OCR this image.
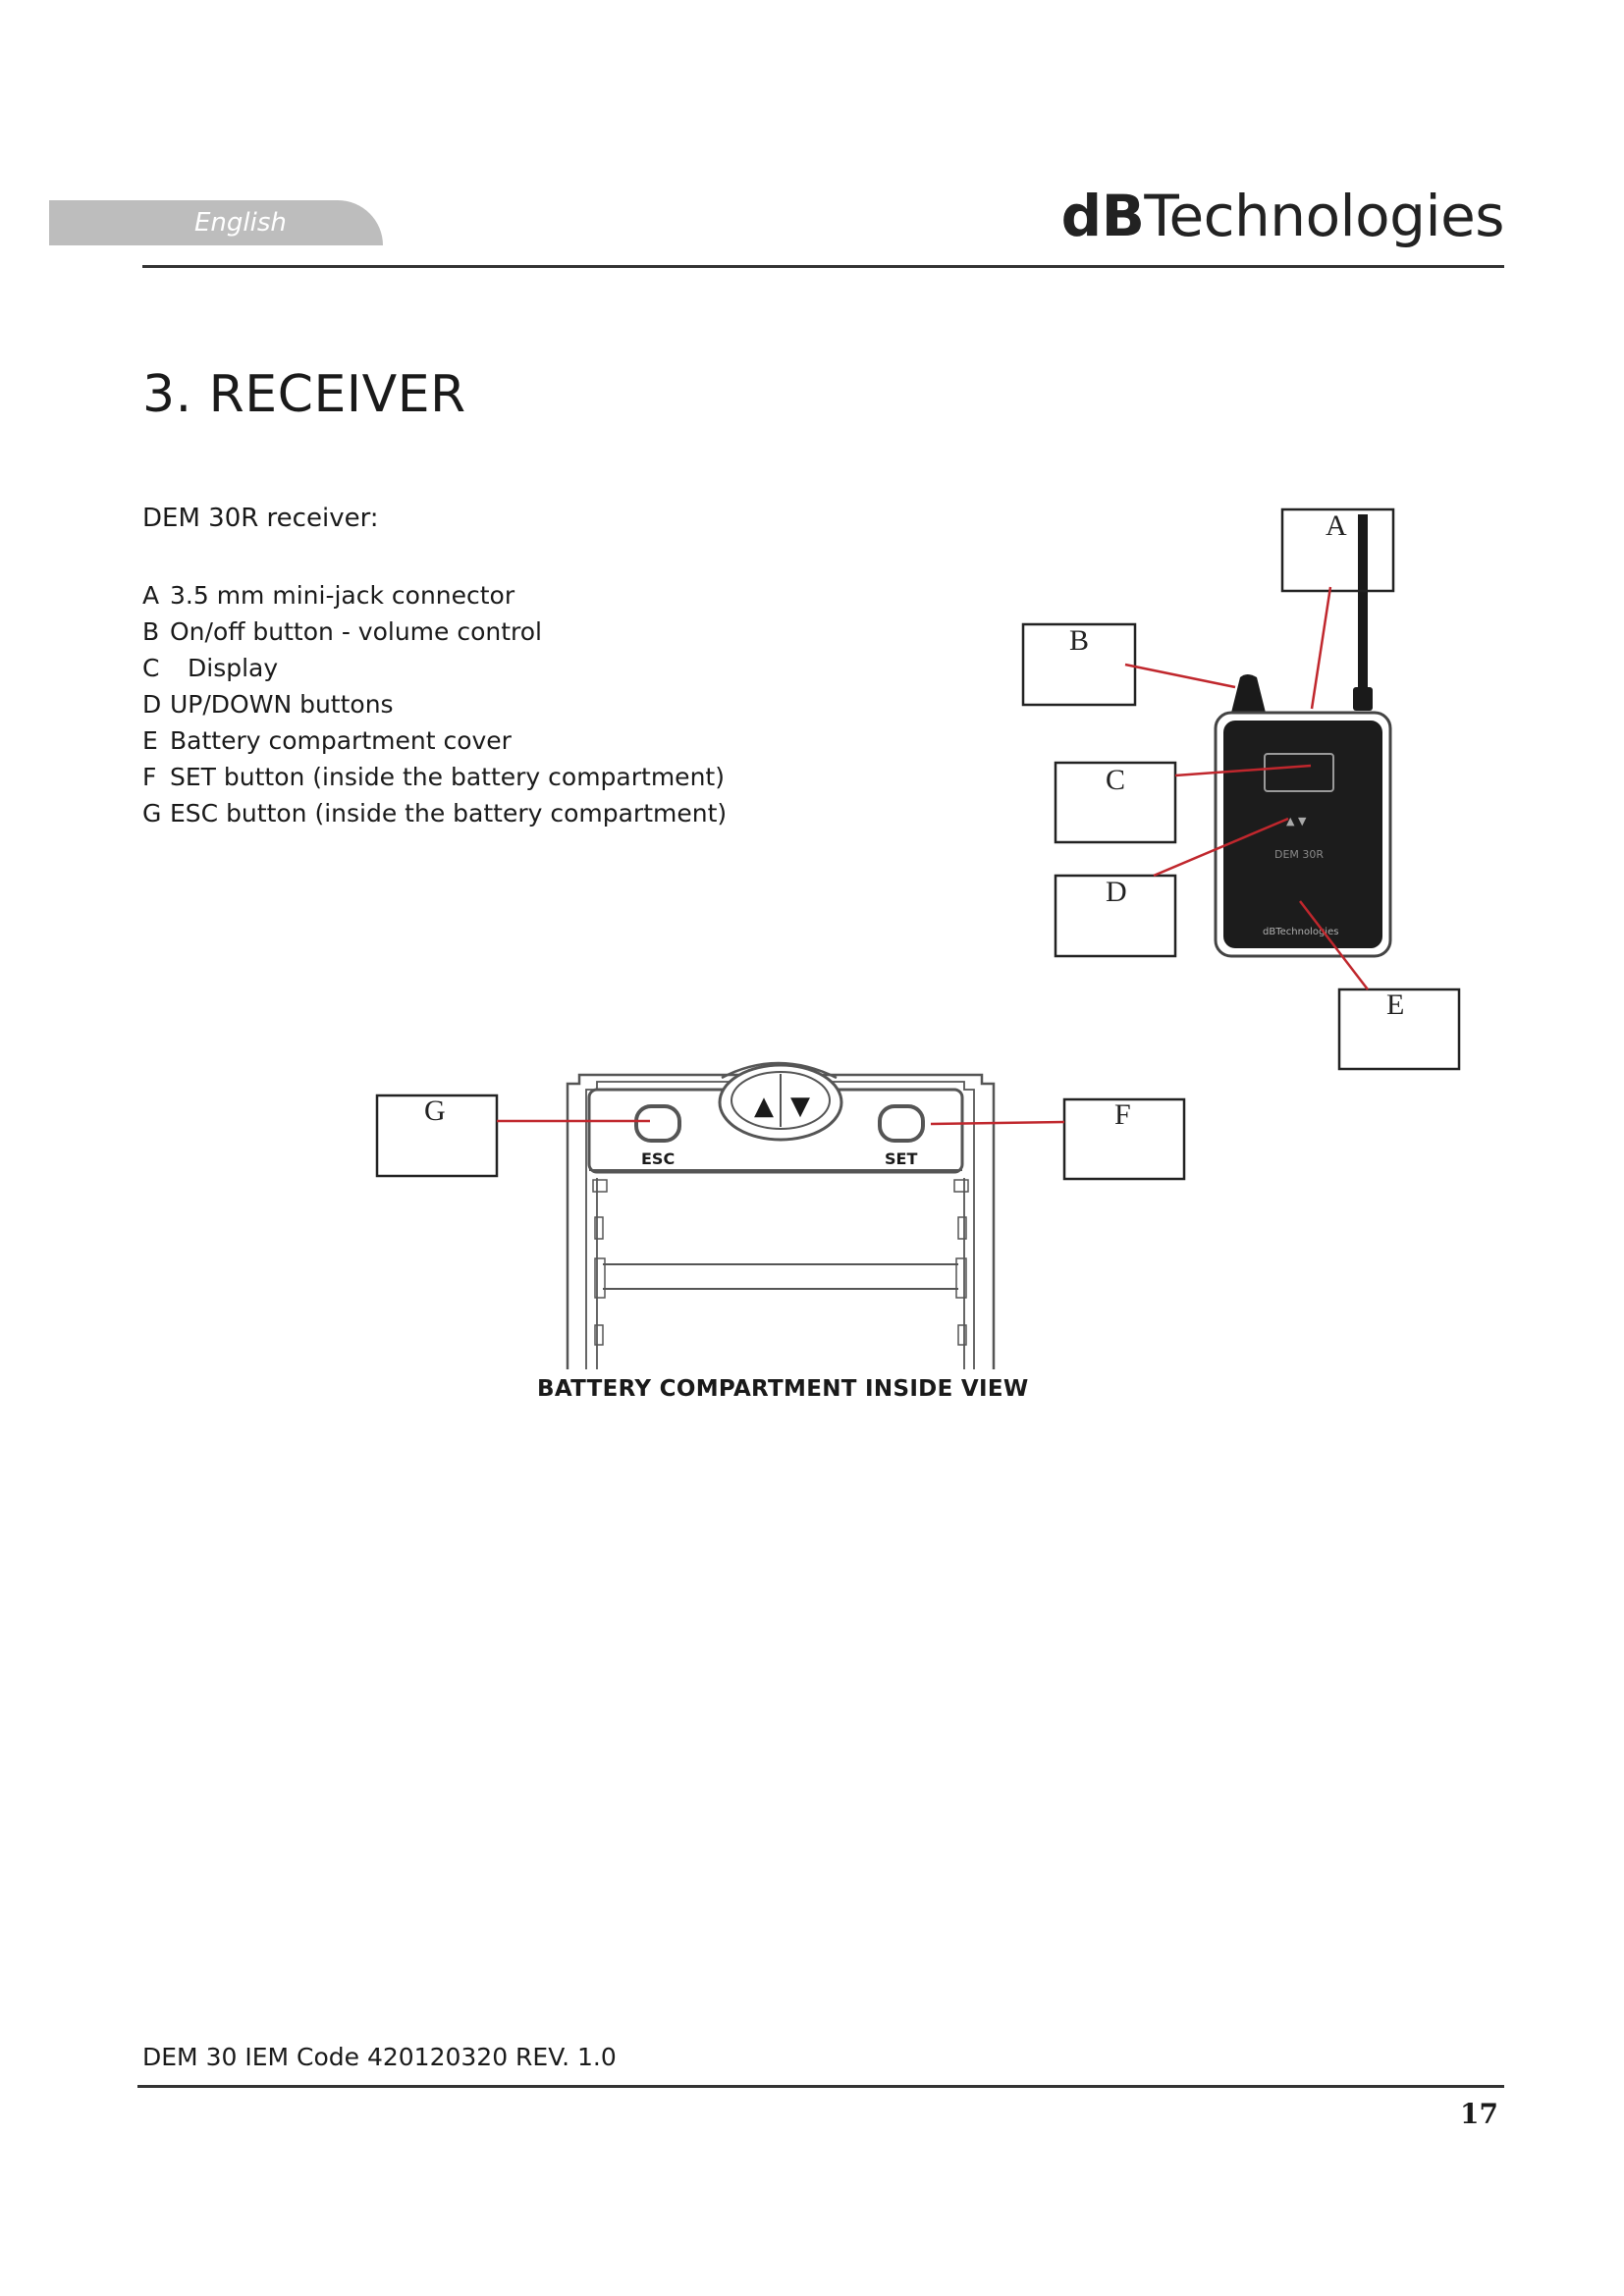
English	dBTechnologies
3. RECEIVER
DEM 30R receiver:
A 3.5 mm mini-jack connector
B On/off button - volume control
C Display
D UP/DOWN buttons
E Battery compartment cover
F SET button (inside the battery compartment)
G ESC button (inside the battery compartment)	▲ ▼
DEM 30R
dBTechnologies
A
B
C
D
E
▲ ▼
ESC	SET
G	F
BATTERY COMPARTMENT INSIDE VIEW
DEM 30 IEM Code 420120320 REV. 1.0
17
